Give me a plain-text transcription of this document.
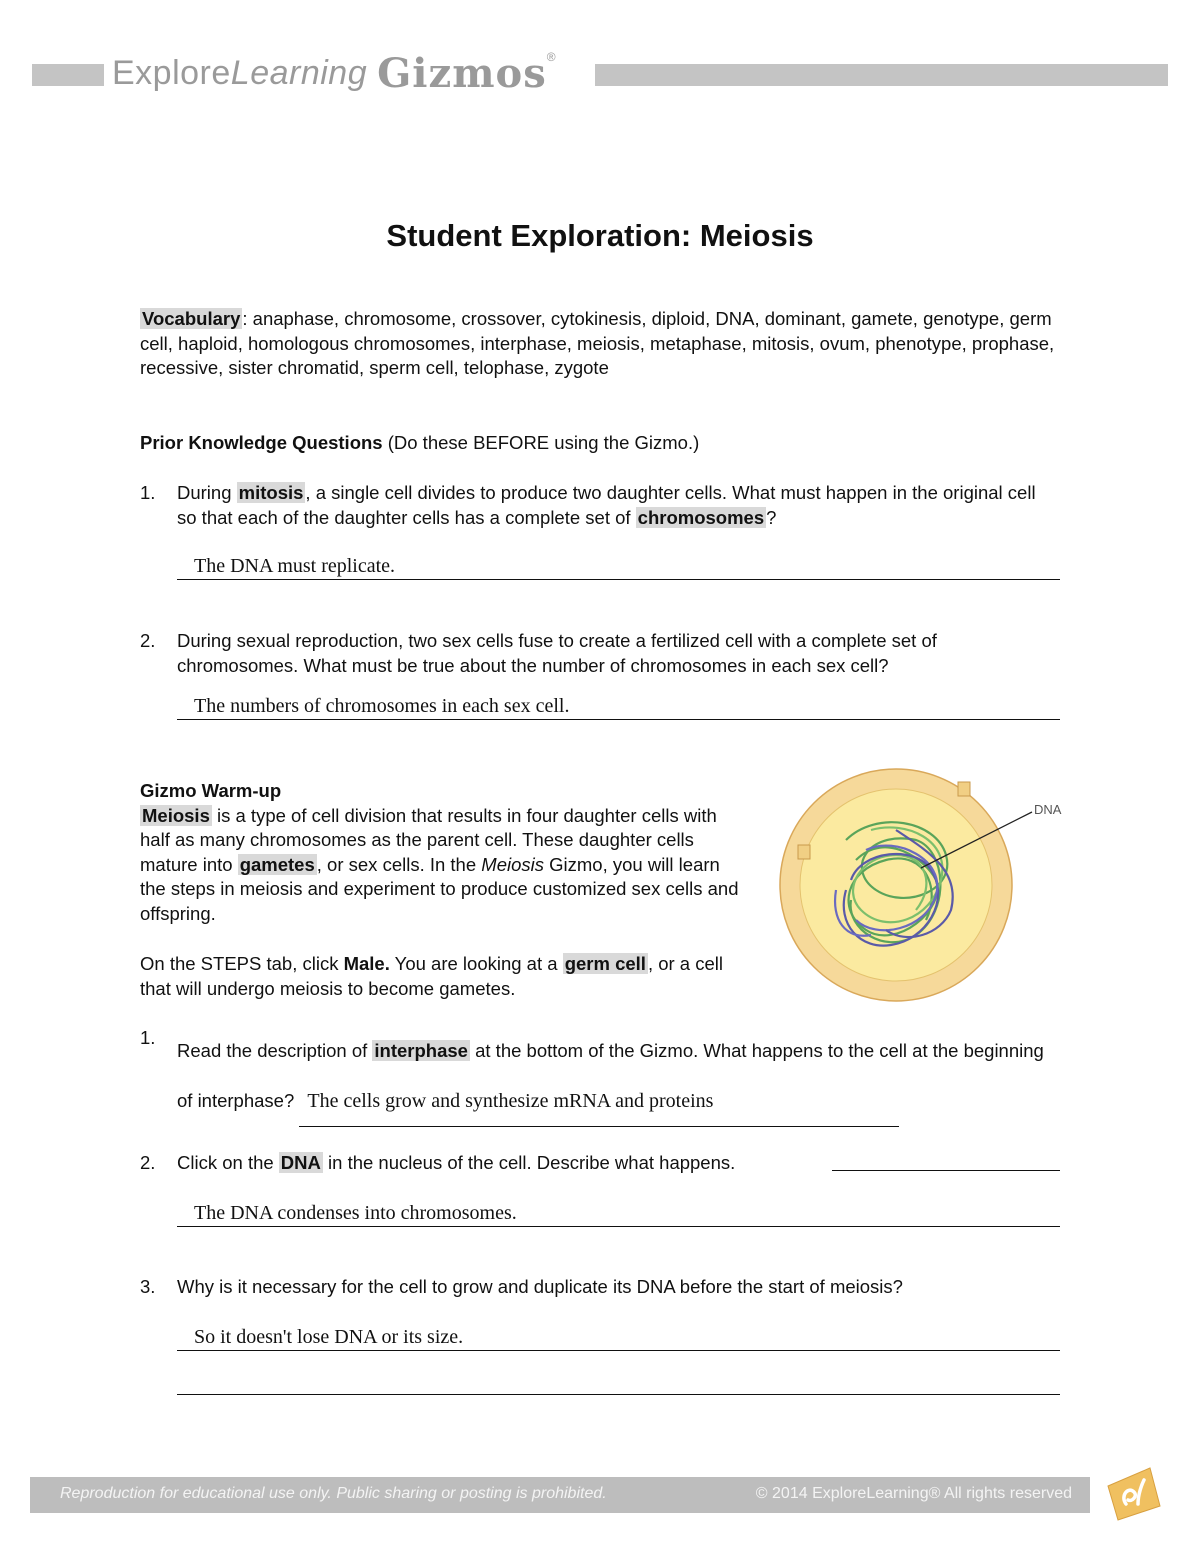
ExploreLearning Gizmos®
Student Exploration: Meiosis
Vocabulary : anaphase, chromosome, crossover, cytokinesis, diploid, DNA, dominant, gamete, genotype, germ cell, haploid, homologous chromosomes, interphase, meiosis, metaphase, mitosis, ovum, phenotype, prophase, recessive, sister chromatid, sperm cell, telophase, zygote
Prior Knowledge Questions (Do these BEFORE using the Gizmo.)
1. During mitosis , a single cell divides to produce two daughter cells. What must happen in the original cell so that each of the daughter cells has a complete set of chromosomes ?
The DNA must replicate.
2. During sexual reproduction, two sex cells fuse to create a fertilized cell with a complete set of chromosomes. What must be true about the number of chromosomes in each sex cell?
The numbers of chromosomes in each sex cell.
Gizmo Warm-up
Meiosis is a type of cell division that results in four daughter cells with half as many chromosomes as the parent cell. These daughter cells mature into gametes , or sex cells. In the Meiosis Gizmo, you will learn the steps in meiosis and experiment to produce customized sex cells and offspring.
On the STEPS tab, click Male. You are looking at a germ cell , or a cell that will undergo meiosis to become gametes.
DNA
1.
Read the description of interphase at the bottom of the Gizmo. What happens to the cell at the beginning of interphase? The cells grow and synthesize mRNA and proteins
2. Click on the DNA in the nucleus of the cell. Describe what happens.
The DNA condenses into chromosomes.
3. Why is it necessary for the cell to grow and duplicate its DNA before the start of meiosis?
So it doesn't lose DNA or its size.
Reproduction for educational use only. Public sharing or posting is prohibited.	© 2014 ExploreLearning® All rights reserved
